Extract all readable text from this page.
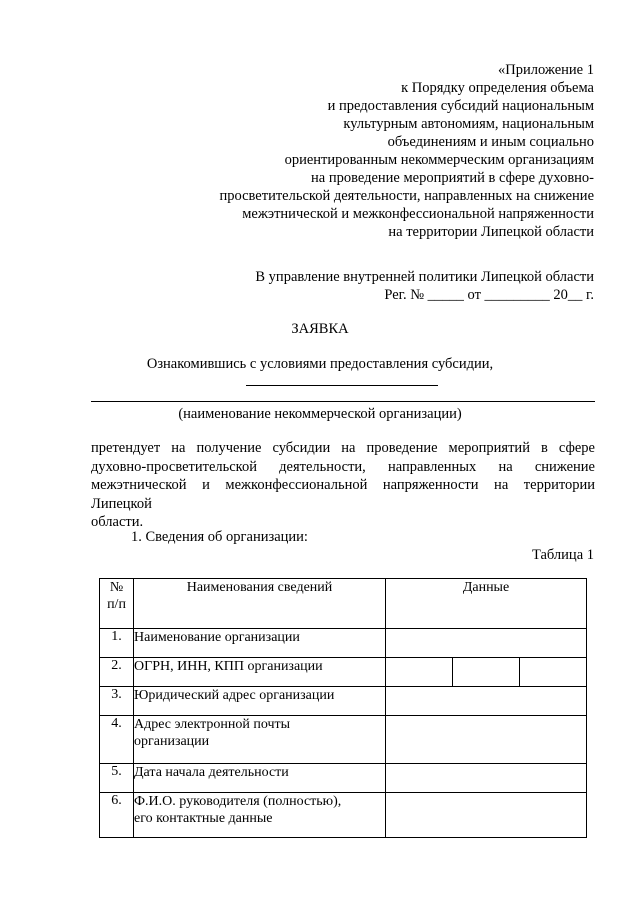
«Приложение 1
к Порядку определения объема
и предоставления субсидий национальным
культурным автономиям, национальным
объединениям и иным социально
ориентированным некоммерческим организациям
на проведение мероприятий в сфере духовно-
просветительской деятельности, направленных на снижение
межэтнической и межконфессиональной напряженности
на территории Липецкой области
В управление внутренней политики Липецкой области
Рег. № _____ от _________ 20__ г.
ЗАЯВКА
Ознакомившись с условиями предоставления субсидии,
(наименование некоммерческой организации)

претендует на получение субсидии на проведение мероприятий в сфере

духовно-просветительской деятельности, направленных на снижение

межэтнической и межконфессиональной напряженности на территории Липецкой

области.

1. Сведения об организации:
Таблица 1
№
п/п	Наименования сведений	Данные
1.	Наименование организации	

2.	ОГРН, ИНН, КПП организации	

3.	Юридический адрес организации	

4.	Адрес электронной почты
организации	

5.	Дата начала деятельности	

6.	Ф.И.О. руководителя (полностью),
его контактные данные	
